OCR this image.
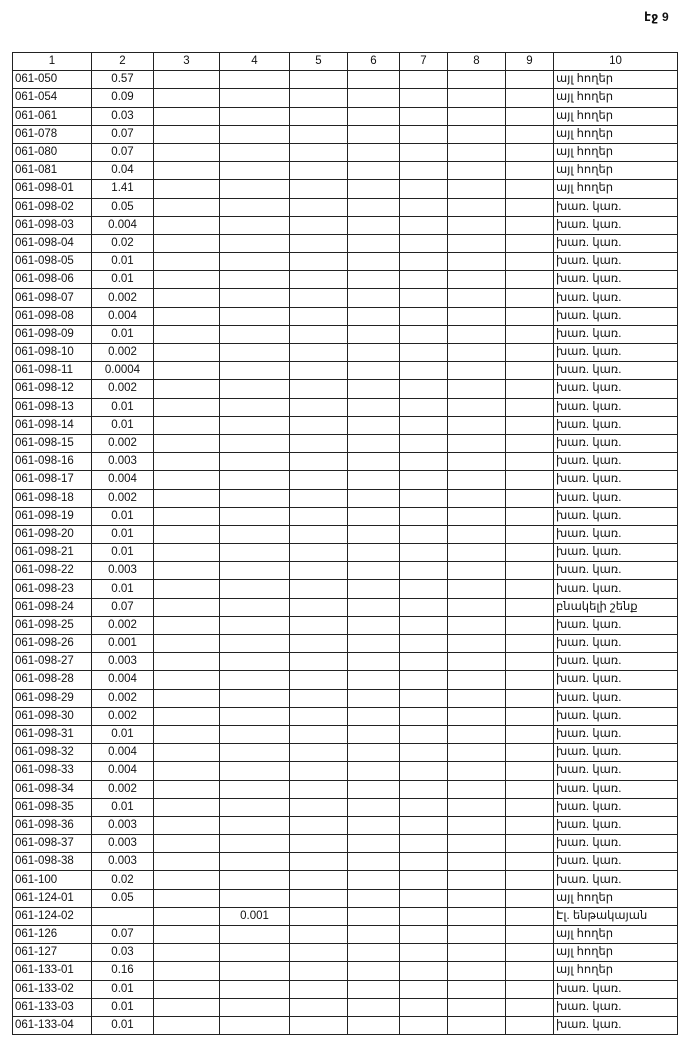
էջ 9
1	2	3	4	5	6	7	8	9	10
061-050	0.57								այլ հողեր
061-054	0.09								այլ հողեր
061-061	0.03								այլ հողեր
061-078	0.07								այլ հողեր
061-080	0.07								այլ հողեր
061-081	0.04								այլ հողեր
061-098-01	1.41								այլ հողեր
061-098-02	0.05								խառ. կառ.
061-098-03	0.004								խառ. կառ.
061-098-04	0.02								խառ. կառ.
061-098-05	0.01								խառ. կառ.
061-098-06	0.01								խառ. կառ.
061-098-07	0.002								խառ. կառ.
061-098-08	0.004								խառ. կառ.
061-098-09	0.01								խառ. կառ.
061-098-10	0.002								խառ. կառ.
061-098-11	0.0004								խառ. կառ.
061-098-12	0.002								խառ. կառ.
061-098-13	0.01								խառ. կառ.
061-098-14	0.01								խառ. կառ.
061-098-15	0.002								խառ. կառ.
061-098-16	0.003								խառ. կառ.
061-098-17	0.004								խառ. կառ.
061-098-18	0.002								խառ. կառ.
061-098-19	0.01								խառ. կառ.
061-098-20	0.01								խառ. կառ.
061-098-21	0.01								խառ. կառ.
061-098-22	0.003								խառ. կառ.
061-098-23	0.01								խառ. կառ.
061-098-24	0.07								բնակելի շենք
061-098-25	0.002								խառ. կառ.
061-098-26	0.001								խառ. կառ.
061-098-27	0.003								խառ. կառ.
061-098-28	0.004								խառ. կառ.
061-098-29	0.002								խառ. կառ.
061-098-30	0.002								խառ. կառ.
061-098-31	0.01								խառ. կառ.
061-098-32	0.004								խառ. կառ.
061-098-33	0.004								խառ. կառ.
061-098-34	0.002								խառ. կառ.
061-098-35	0.01								խառ. կառ.
061-098-36	0.003								խառ. կառ.
061-098-37	0.003								խառ. կառ.
061-098-38	0.003								խառ. կառ.
061-100	0.02								խառ. կառ.
061-124-01	0.05								այլ հողեր
061-124-02			0.001						Էլ. ենթակայան
061-126	0.07								այլ հողեր
061-127	0.03								այլ հողեր
061-133-01	0.16								այլ հողեր
061-133-02	0.01								խառ. կառ.
061-133-03	0.01								խառ. կառ.
061-133-04	0.01								խառ. կառ.
